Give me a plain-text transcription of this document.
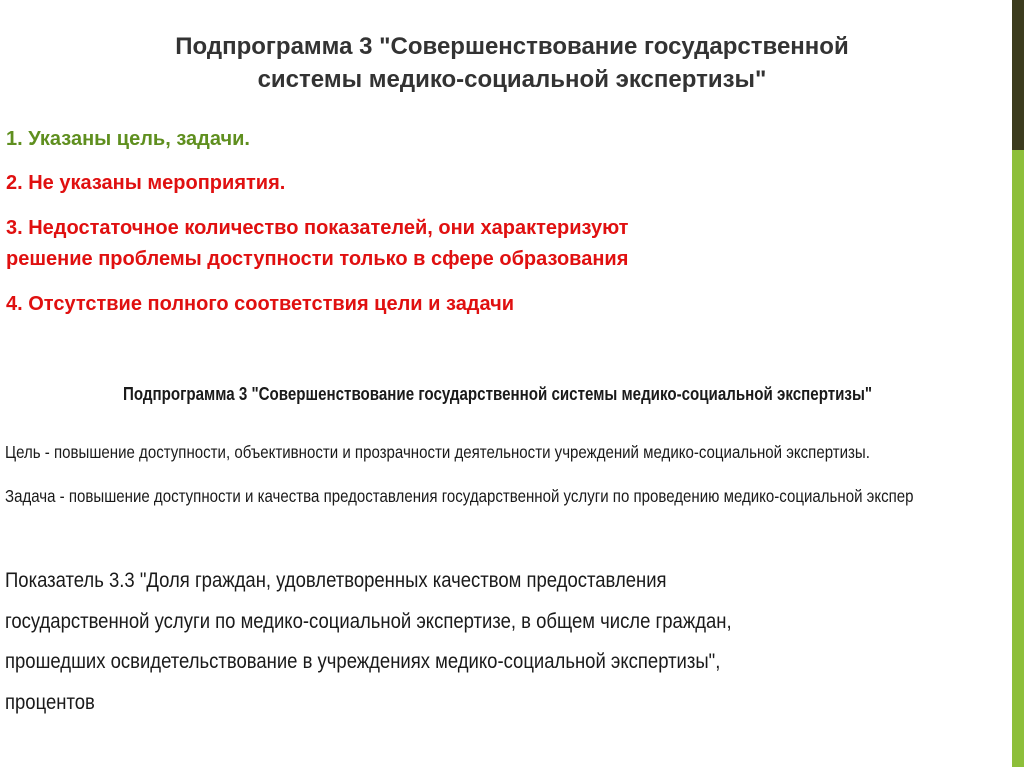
Подпрограмма 3 "Совершенствование государственной
системы медико-социальной экспертизы"
1. Указаны цель, задачи.
2. Не указаны мероприятия.
3. Недостаточное количество показателей, они характеризуют
решение проблемы доступности только в сфере образования
4. Отсутствие полного соответствия цели и задачи
Подпрограмма 3 "Совершенствование государственной системы медико-социальной экспертизы"
Цель - повышение доступности, объективности и прозрачности деятельности учреждений медико-социальной экспертизы.
Задача - повышение доступности и качества предоставления государственной услуги по проведению медико-социальной экспер
Показатель 3.3 "Доля граждан, удовлетворенных качеством предоставления
государственной услуги по медико-социальной экспертизе, в общем числе граждан,
прошедших освидетельствование в учреждениях медико-социальной экспертизы",
процентов
